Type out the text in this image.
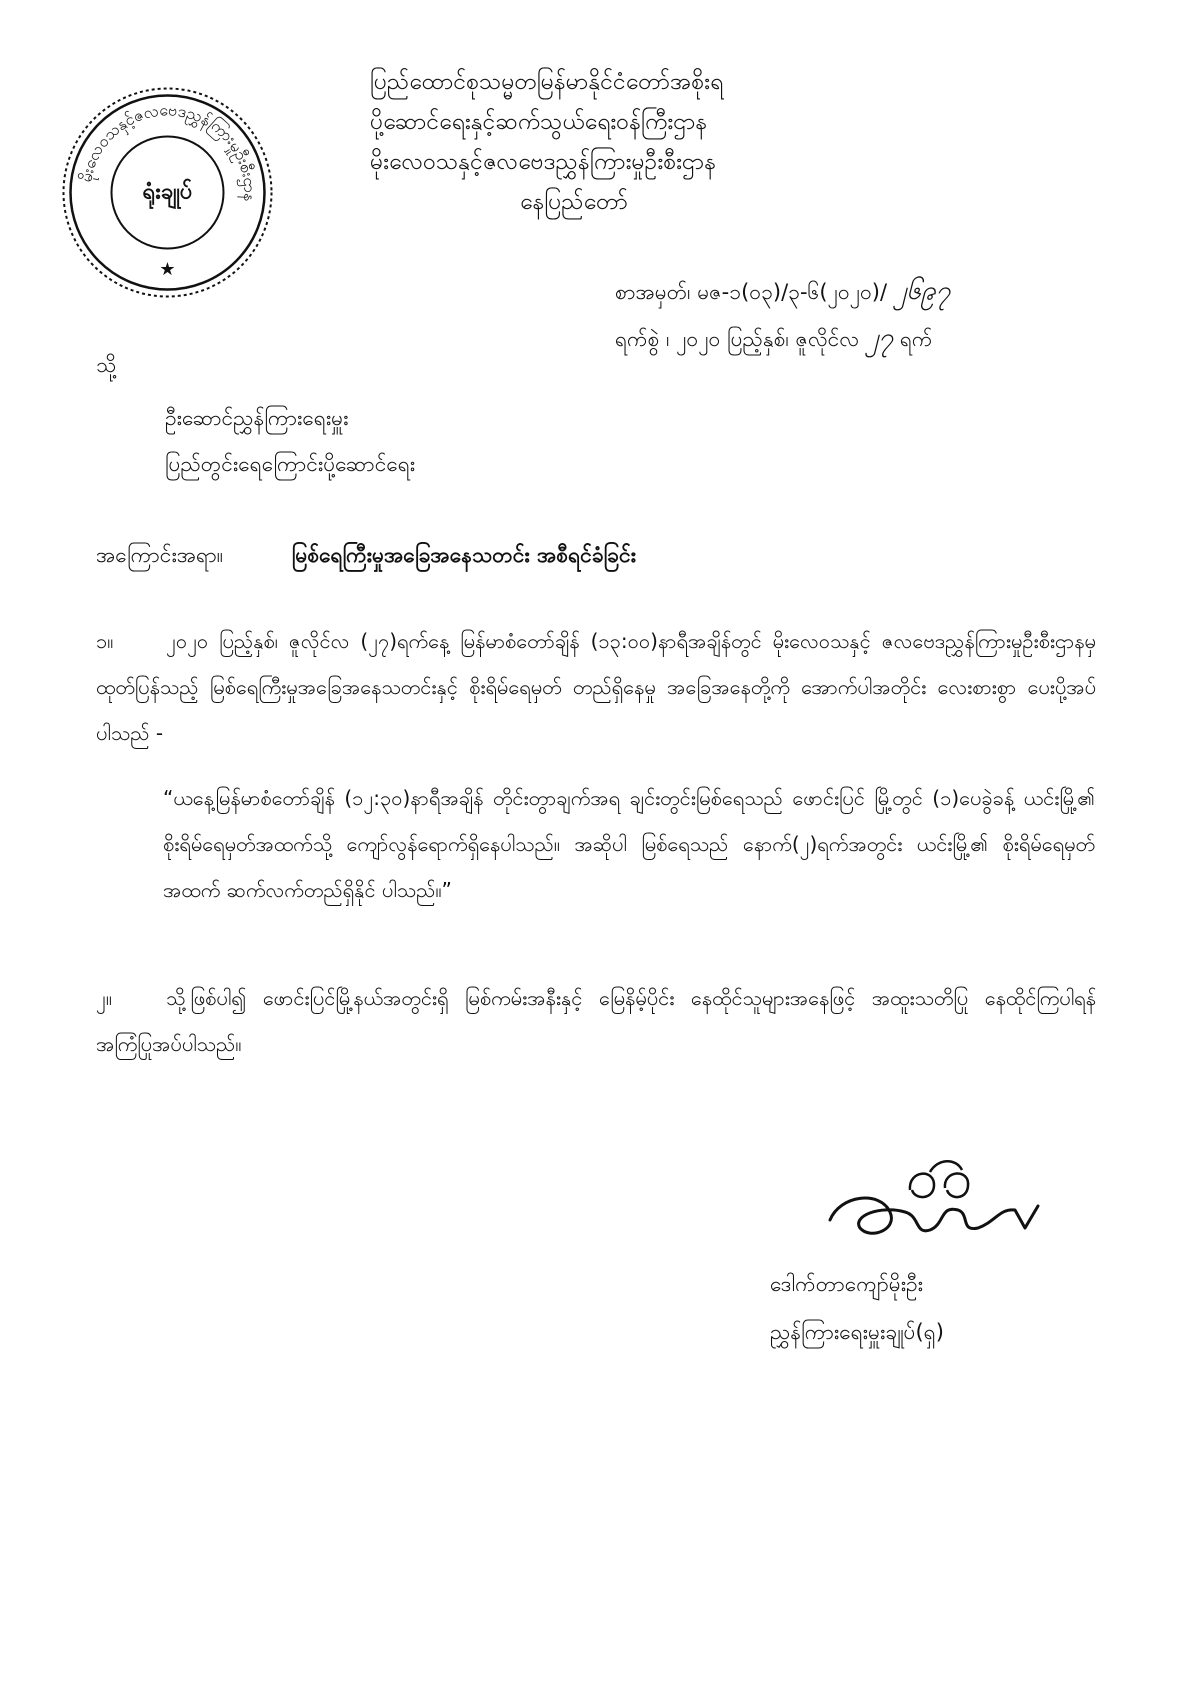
မိုးလေဝသနှင့်ဇလဗေဒညွှန်ကြားမှုဦးစီးဌာန
★
ရုံးချုပ်
ပြည်ထောင်စုသမ္မတမြန်မာနိုင်ငံတော်အစိုးရ
ပို့ဆောင်ရေးနှင့်ဆက်သွယ်ရေးဝန်ကြီးဌာန
မိုးလေဝသနှင့်ဇလဗေဒညွှန်ကြားမှုဦးစီးဌာန
နေပြည်တော်
စာအမှတ်၊ မဇ-၁(၀၃)/၃-၆(၂၀၂၀)/ ၂၆၉၇
ရက်စွဲ ၊ ၂၀၂၀ ပြည့်နှစ်၊ ဇူလိုင်လ ၂၇ ရက်
သို့
ဦးဆောင်ညွှန်ကြားရေးမှူး
ပြည်တွင်းရေကြောင်းပို့ဆောင်ရေး
အကြောင်းအရာ။	မြစ်ရေကြီးမှုအခြေအနေသတင်း အစီရင်ခံခြင်း
၁။	၂၀၂၀ ပြည့်နှစ်၊ ဇူလိုင်လ (၂၇)ရက်နေ့ မြန်မာစံတော်ချိန် (၁၃:၀၀)နာရီအချိန်တွင် မိုးလေဝသနှင့် ဇလဗေဒညွှန်ကြားမှုဦးစီးဌာနမှ ထုတ်ပြန်သည့် မြစ်ရေကြီးမှုအခြေအနေသတင်းနှင့် စိုးရိမ်ရေမှတ် တည်ရှိနေမှု အခြေအနေတို့ကို အောက်ပါအတိုင်း လေးစားစွာ ပေးပို့အပ်ပါသည် -
“ယနေ့မြန်မာစံတော်ချိန် (၁၂:၃၀)နာရီအချိန် တိုင်းတွာချက်အရ ချင်းတွင်းမြစ်ရေသည် ဖောင်းပြင် မြို့တွင် (၁)ပေခွဲခန့် ယင်းမြို့၏ စိုးရိမ်ရေမှတ်အထက်သို့ ကျော်လွန်ရောက်ရှိနေပါသည်။ အဆိုပါ မြစ်ရေသည် နောက်(၂)ရက်အတွင်း ယင်းမြို့၏ စိုးရိမ်ရေမှတ်အထက် ဆက်လက်တည်ရှိနိုင် ပါသည်။”
၂။	သို့ဖြစ်ပါ၍ ဖောင်းပြင်မြို့နယ်အတွင်းရှိ မြစ်ကမ်းအနီးနှင့် မြေနိမ့်ပိုင်း နေထိုင်သူများအနေဖြင့် အထူးသတိပြု နေထိုင်ကြပါရန် အကြံပြုအပ်ပါသည်။
ဒေါက်တာကျော်မိုးဦး
ညွှန်ကြားရေးမှူးချုပ်(ရှ)
